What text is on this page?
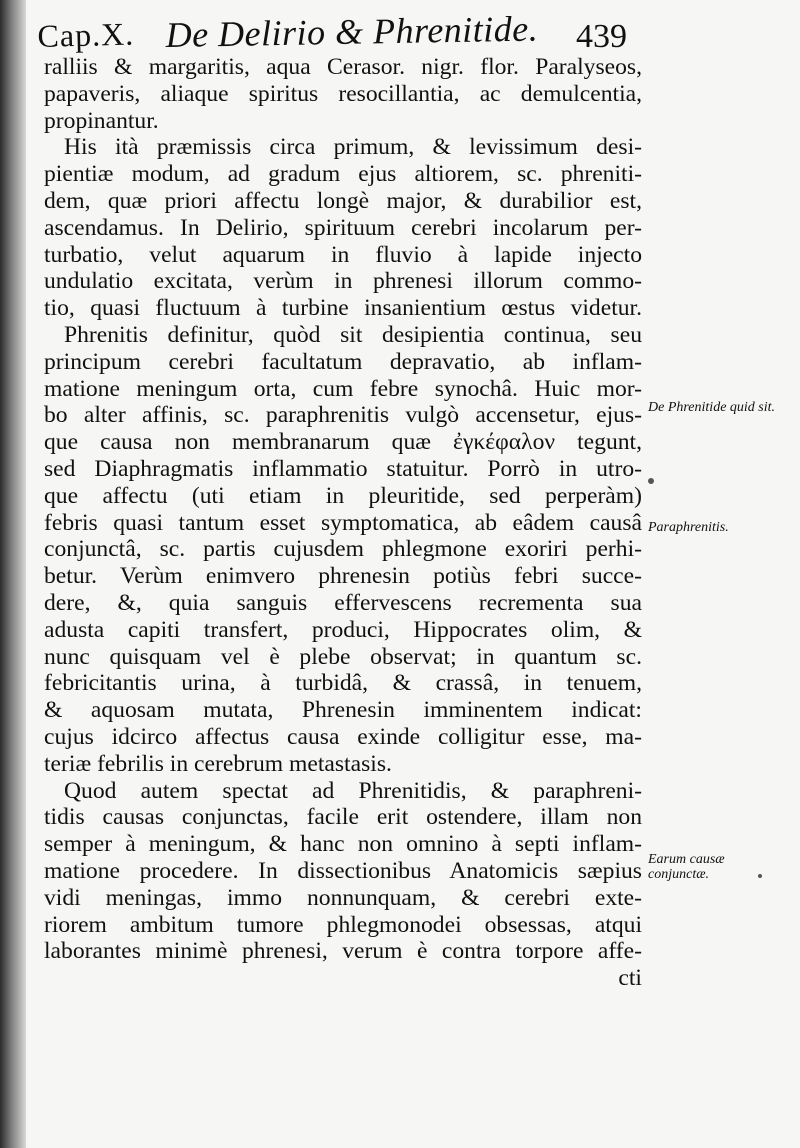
Cap.X. De Delirio & Phrenitide. 439
ralliis & margaritis, aqua Cerasor. nigr. flor. Paralyseos,
papaveris, aliaque spiritus resocillantia, ac demulcentia,
propinantur.
His ità præmissis circa primum, & levissimum desi-
pientiæ modum, ad gradum ejus altiorem, sc. phreniti-
dem, quæ priori affectu longè major, & durabilior est,
ascendamus. In Delirio, spirituum cerebri incolarum per-
turbatio, velut aquarum in fluvio à lapide injecto
undulatio excitata, verùm in phrenesi illorum commo-
tio, quasi fluctuum à turbine insanientium œstus videtur.
Phrenitis definitur, quòd sit desipientia continua, seu
principum cerebri facultatum depravatio, ab inflam-
matione meningum orta, cum febre synochâ. Huic mor-
bo alter affinis, sc. paraphrenitis vulgò accensetur, ejus-
que causa non membranarum quæ ἐγκέφαλον tegunt,
sed Diaphragmatis inflammatio statuitur. Porrò in utro-
que affectu (uti etiam in pleuritide, sed perperàm)
febris quasi tantum esset symptomatica, ab eâdem causâ
conjunctâ, sc. partis cujusdem phlegmone exoriri perhi-
betur. Verùm enimvero phrenesin potiùs febri succe-
dere, &, quia sanguis effervescens recrementa sua
adusta capiti transfert, produci, Hippocrates olim, &
nunc quisquam vel è plebe observat; in quantum sc.
febricitantis urina, à turbidâ, & crassâ, in tenuem,
& aquosam mutata, Phrenesin imminentem indicat:
cujus idcirco affectus causa exinde colligitur esse, ma-
teriæ febrilis in cerebrum metastasis.
Quod autem spectat ad Phrenitidis, & paraphreni-
tidis causas conjunctas, facile erit ostendere, illam non
semper à meningum, & hanc non omnino à septi inflam-
matione procedere. In dissectionibus Anatomicis sæpius
vidi meningas, immo nonnunquam, & cerebri exte-
riorem ambitum tumore phlegmonodei obsessas, atqui
laborantes minimè phrenesi, verum è contra torpore affe-
cti
De Phrenitide quid sit.
Paraphrenitis.
Earum causæ conjunctæ.
